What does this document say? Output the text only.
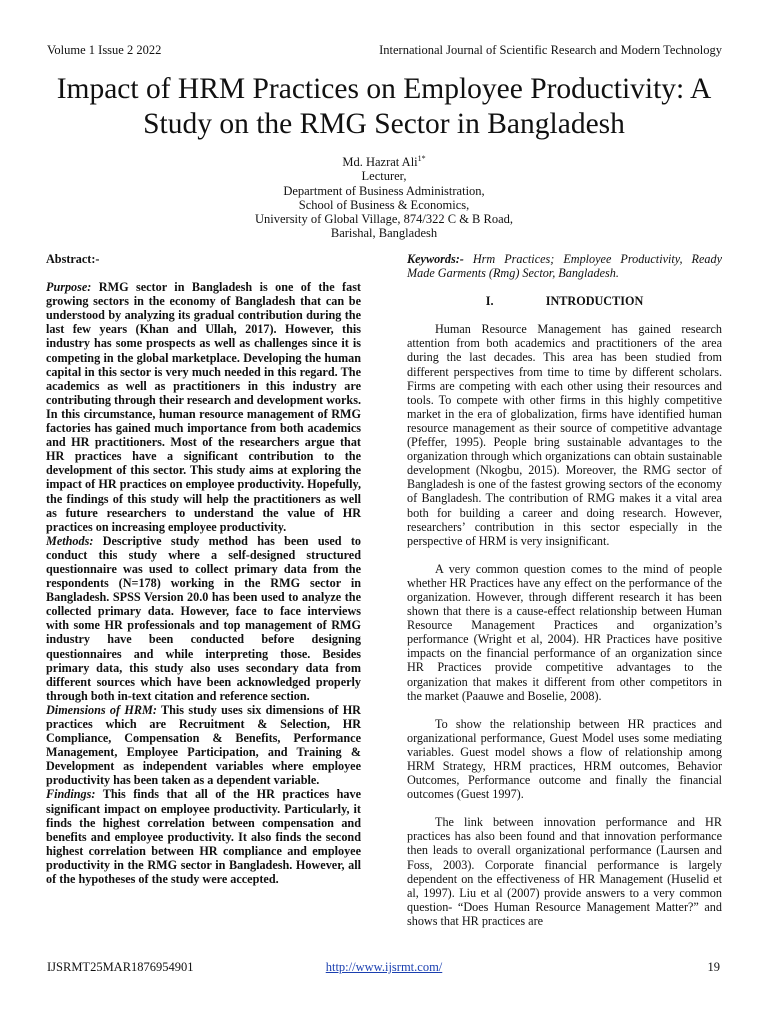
Volume 1 Issue 2 2022	International Journal of Scientific Research and Modern Technology
Impact of HRM Practices on Employee Productivity: A Study on the RMG Sector in Bangladesh
Md. Hazrat Ali$^{1*}$
Lecturer,
Department of Business Administration,
School of Business & Economics,
University of Global Village, 874/322 C & B Road,
Barishal, Bangladesh
Abstract:-

Purpose: RMG sector in Bangladesh is one of the fast growing sectors in the economy of Bangladesh that can be understood by analyzing its gradual contribution during the last few years (Khan and Ullah, 2017). However, this industry has some prospects as well as challenges since it is competing in the global marketplace. Developing the human capital in this sector is very much needed in this regard. The academics as well as practitioners in this industry are contributing through their research and development works. In this circumstance, human resource management of RMG factories has gained much importance from both academics and HR practitioners. Most of the researchers argue that HR practices have a significant contribution to the development of this sector. This study aims at exploring the impact of HR practices on employee productivity. Hopefully, the findings of this study will help the practitioners as well as future researchers to understand the value of HR practices on increasing employee productivity.

Methods: Descriptive study method has been used to conduct this study where a self-designed structured questionnaire was used to collect primary data from the respondents (N=178) working in the RMG sector in Bangladesh. SPSS Version 20.0 has been used to analyze the collected primary data. However, face to face interviews with some HR professionals and top management of RMG industry have been conducted before designing questionnaires and while interpreting those. Besides primary data, this study also uses secondary data from different sources which have been acknowledged properly through both in-text citation and reference section.

Dimensions of HRM: This study uses six dimensions of HR practices which are Recruitment & Selection, HR Compliance, Compensation & Benefits, Performance Management, Employee Participation, and Training & Development as independent variables where employee productivity has been taken as a dependent variable.

Findings: This finds that all of the HR practices have significant impact on employee productivity. Particularly, it finds the highest correlation between compensation and benefits and employee productivity. It also finds the second highest correlation between HR compliance and employee productivity in the RMG sector in Bangladesh. However, all of the hypotheses of the study were accepted.

Keywords:- Hrm Practices; Employee Productivity, Ready Made Garments (Rmg) Sector, Bangladesh.

I.	INTRODUCTION

Human Resource Management has gained research attention from both academics and practitioners of the area during the last decades. This area has been studied from different perspectives from time to time by different scholars. Firms are competing with each other using their resources and tools. To compete with other firms in this highly competitive market in the era of globalization, firms have identified human resource management as their source of competitive advantage (Pfeffer, 1995). People bring sustainable advantages to the organization through which organizations can obtain sustainable development (Nkogbu, 2015). Moreover, the RMG sector of Bangladesh is one of the fastest growing sectors of the economy of Bangladesh. The contribution of RMG makes it a vital area both for building a career and doing research. However, researchers’ contribution in this sector especially in the perspective of HRM is very insignificant.

A very common question comes to the mind of people whether HR Practices have any effect on the performance of the organization. However, through different research it has been shown that there is a cause-effect relationship between Human Resource Management Practices and organization’s performance (Wright et al, 2004). HR Practices have positive impacts on the financial performance of an organization since HR Practices provide competitive advantages to the organization that makes it different from other competitors in the market (Paauwe and Boselie, 2008).

To show the relationship between HR practices and organizational performance, Guest Model uses some mediating variables. Guest model shows a flow of relationship among HRM Strategy, HRM practices, HRM outcomes, Behavior Outcomes, Performance outcome and finally the financial outcomes (Guest 1997).

The link between innovation performance and HR practices has also been found and that innovation performance then leads to overall organizational performance (Laursen and Foss, 2003). Corporate financial performance is largely dependent on the effectiveness of HR Management (Huselid et al, 1997). Liu et al (2007) provide answers to a very common question- “Does Human Resource Management Matter?” and shows that HR practices are

IJSRMT25MAR1876954901	http://www.ijsrmt.com/	19
